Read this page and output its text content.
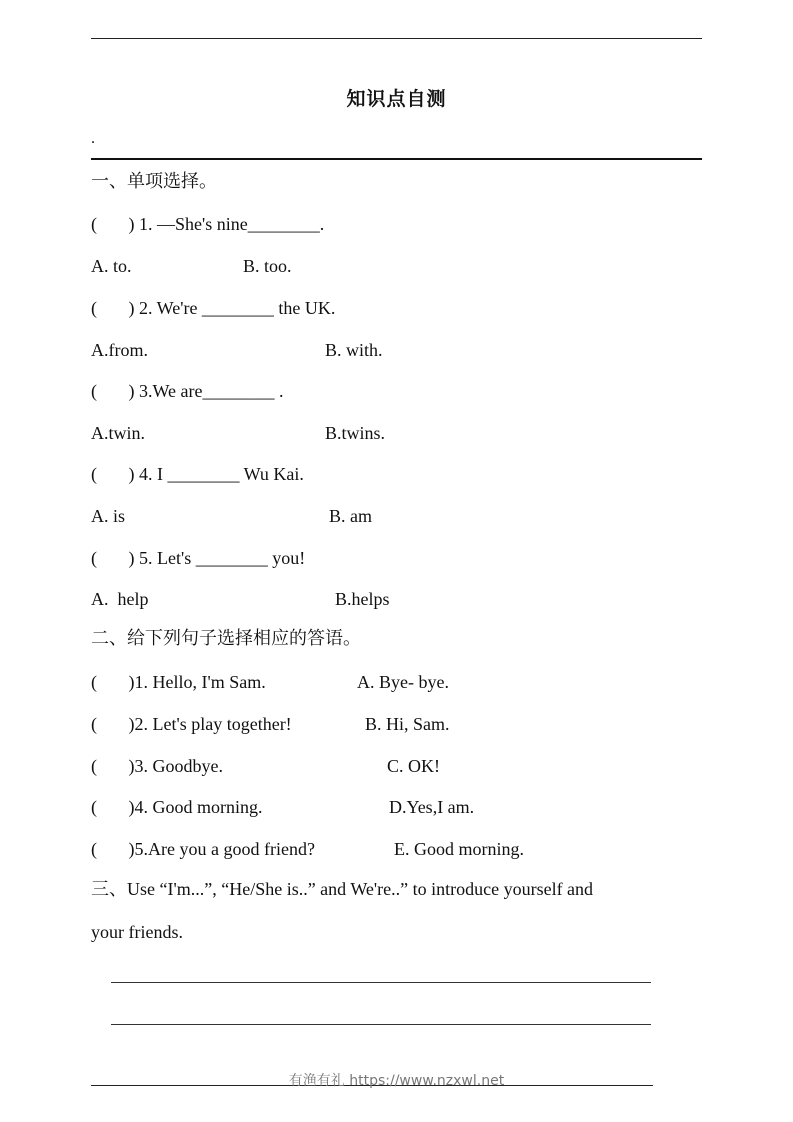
知识点自测
.
一、单项选择。
(       ) 1. —She's nine________.
A. to.	B. too.
(       ) 2. We're ________ the UK.
A.from.	B. with.
(       ) 3.We are________ .
A.twin.	B.twins.
(       ) 4. I ________ Wu Kai.
A. is	B. am
(       ) 5. Let's ________ you!
A.  help	B.helps
二、给下列句子选择相应的答语。
(       )1. Hello, I'm Sam.	A. Bye- bye.
(       )2. Let's play together!	B. Hi, Sam.
(       )3. Goodbye.	C. OK!
(       )4. Good morning.	D.Yes,I am.
(       )5.Are you a good friend?	E. Good morning.
三、Use “I'm...”, “He/She is..” and We're..” to introduce yourself and
your friends.
有渔有礼 https://www.nzxwl.net
